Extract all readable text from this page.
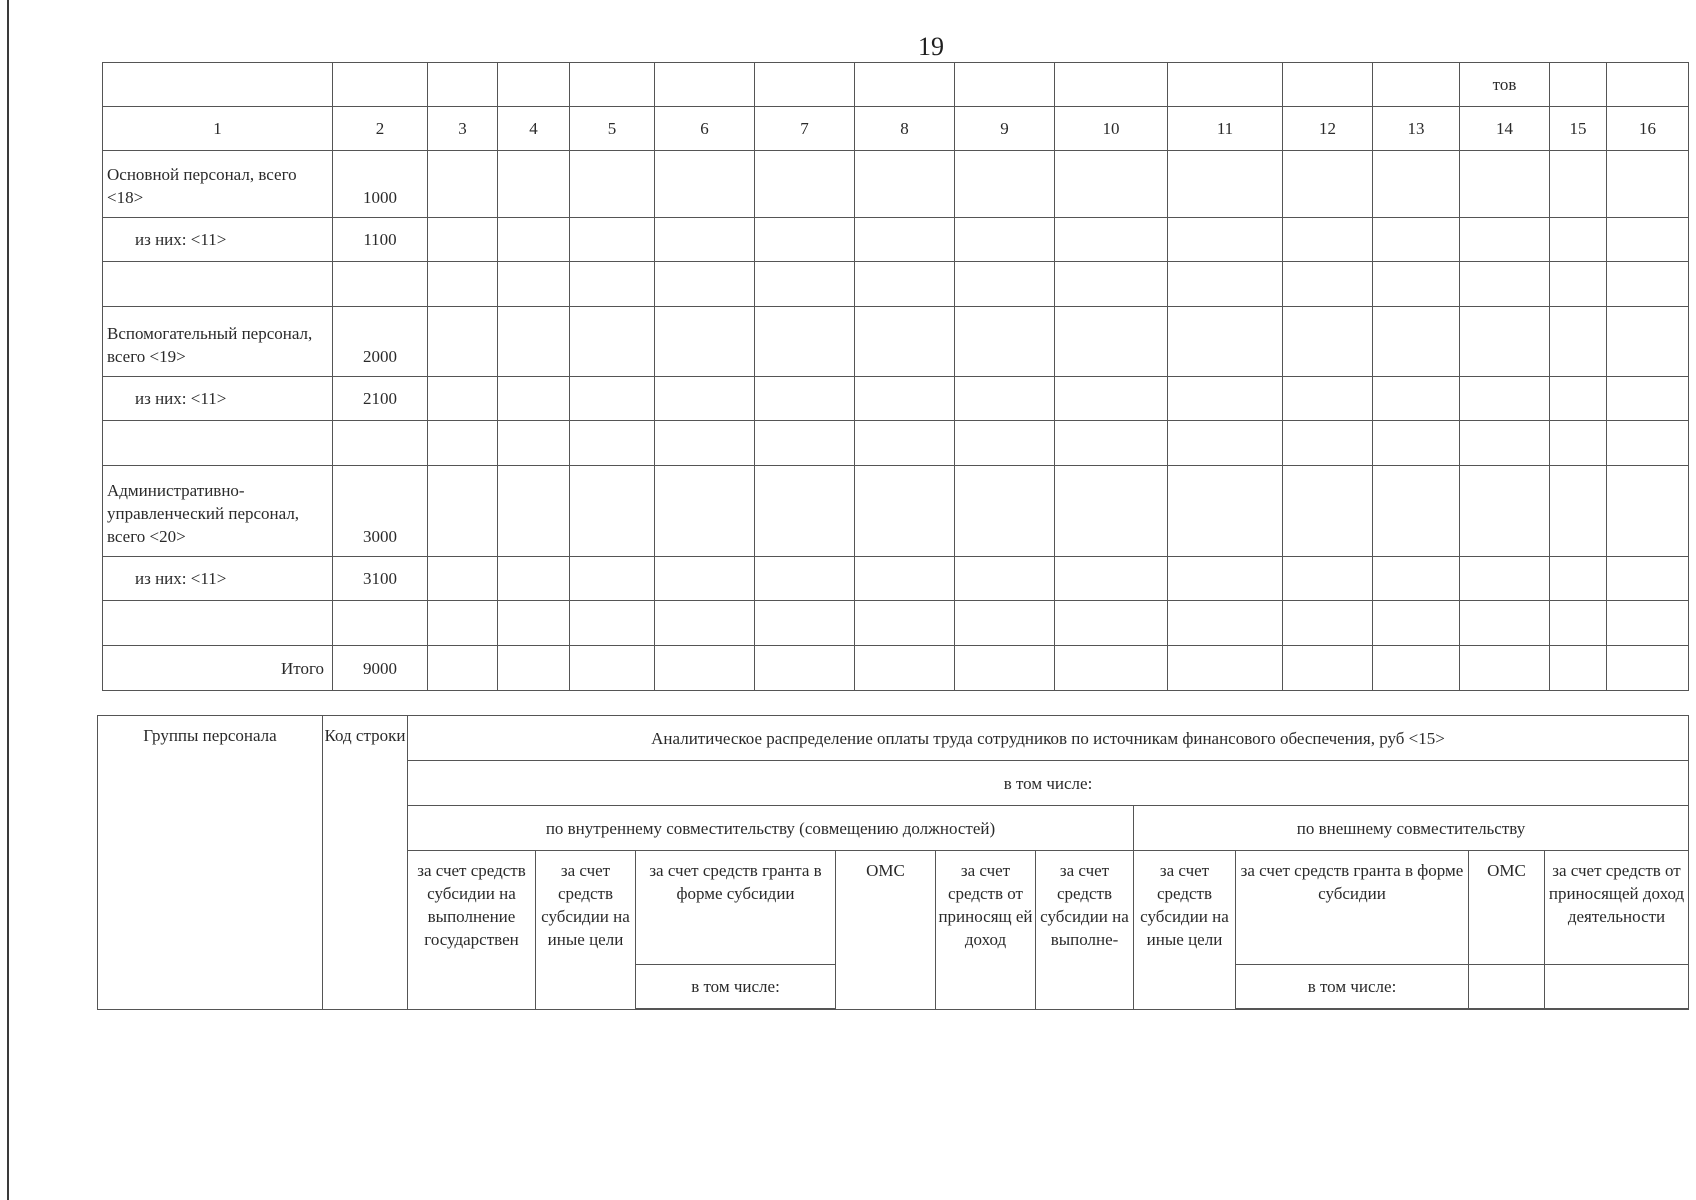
19
													тов		
1	2	3	4	5	6	7	8	9	10	11	12	13	14	15	16
Основной персонал, всего <18>	1000														
из них: <11>	1100														

Вспомогательный персонал, всего <19>	2000														
из них: <11>	2100														

Административно-управленческий персонал, всего <20>	3000														
из них: <11>	3100														

Итого	9000														
Группы персонала	Код строки	Аналитическое распределение оплаты труда сотрудников по источникам финансового обеспечения, руб <15>									
		в том числе:									
		по внутреннему совместительству (совмещению должностей)						по внешнему совместительству			
		за счет средств субсидии на выполнение государствен	за счет средств субсидии на иные цели	за счет средств гранта в форме субсидии	ОМС	за счет средств от приносящ ей доход	за счет средств субсидии на выполне-	за счет средств субсидии на иные цели	за счет средств гранта в форме субсидии	ОМС	за счет средств от приносящей доход деятельности
				в том числе:					в том числе:		
